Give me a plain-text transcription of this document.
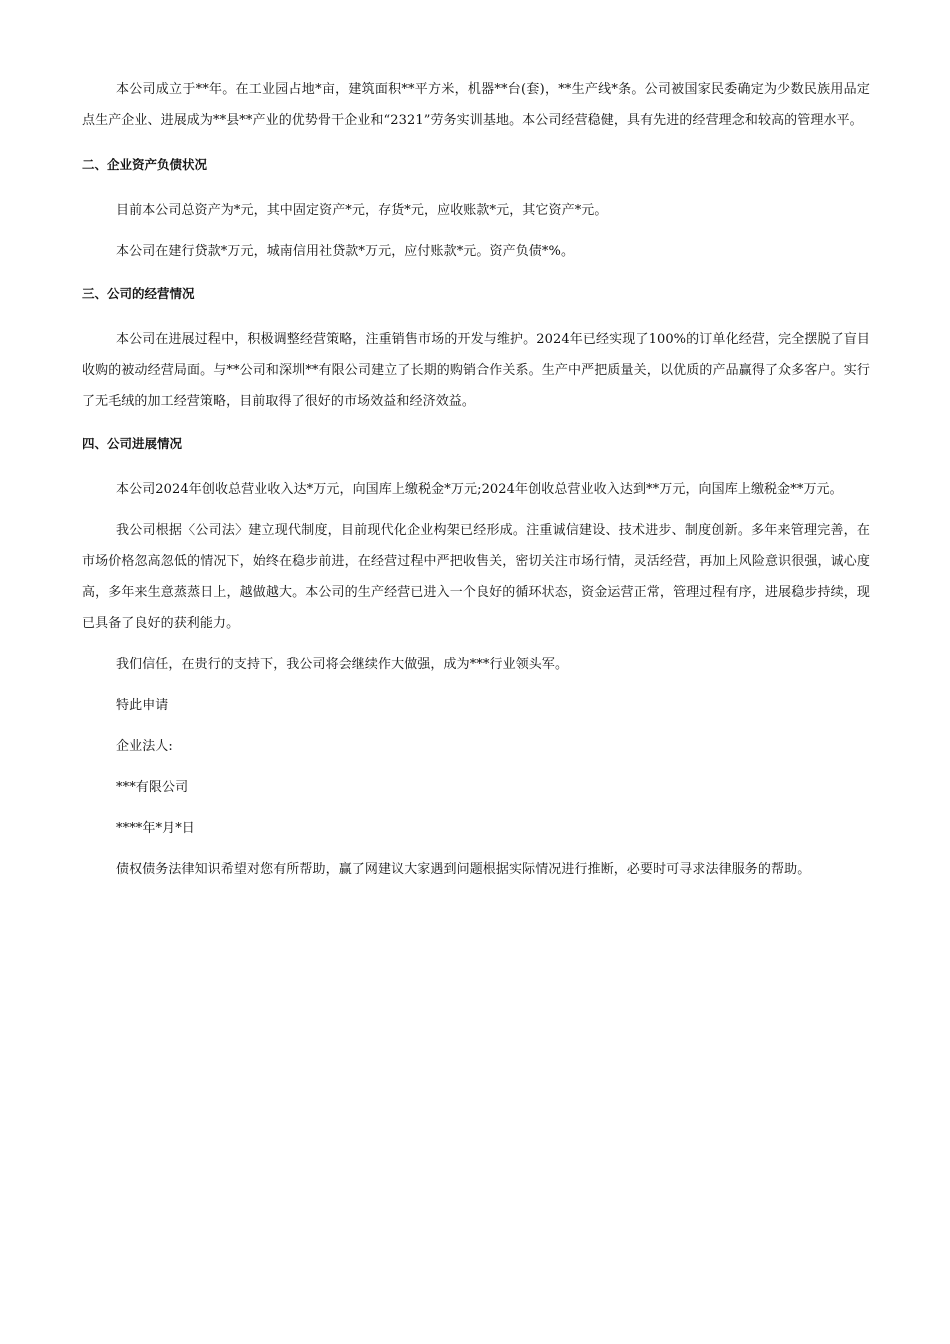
本公司成立于**年。在工业园占地*亩，建筑面积**平方米，机器**台(套)，**生产线*条。公司被国家民委确定为少数民族用品定点生产企业、进展成为**县**产业的优势骨干企业和“2321”劳务实训基地。本公司经营稳健，具有先进的经营理念和较高的管理水平。

二、企业资产负债状况

目前本公司总资产为*元，其中固定资产*元，存货*元，应收账款*元，其它资产*元。

本公司在建行贷款*万元，城南信用社贷款*万元，应付账款*元。资产负债*%。

三、公司的经营情况

本公司在进展过程中，积极调整经营策略，注重销售市场的开发与维护。2024年已经实现了100%的订单化经营，完全摆脱了盲目收购的被动经营局面。与**公司和深圳**有限公司建立了长期的购销合作关系。生产中严把质量关，以优质的产品赢得了众多客户。实行了无毛绒的加工经营策略，目前取得了很好的市场效益和经济效益。

四、公司进展情况

本公司2024年创收总营业收入达*万元，向国库上缴税金*万元;2024年创收总营业收入达到**万元，向国库上缴税金**万元。

我公司根据〈公司法〉建立现代制度，目前现代化企业构架已经形成。注重诚信建设、技术进步、制度创新。多年来管理完善，在市场价格忽高忽低的情况下，始终在稳步前进，在经营过程中严把收售关，密切关注市场行情，灵活经营，再加上风险意识很强，诚心度高，多年来生意蒸蒸日上，越做越大。本公司的生产经营已进入一个良好的循环状态，资金运营正常，管理过程有序，进展稳步持续，现已具备了良好的获利能力。

我们信任，在贵行的支持下，我公司将会继续作大做强，成为***行业领头军。

特此申请

企业法人:

***有限公司

****年*月*日

债权债务法律知识希望对您有所帮助，赢了网建议大家遇到问题根据实际情况进行推断，必要时可寻求法律服务的帮助。
